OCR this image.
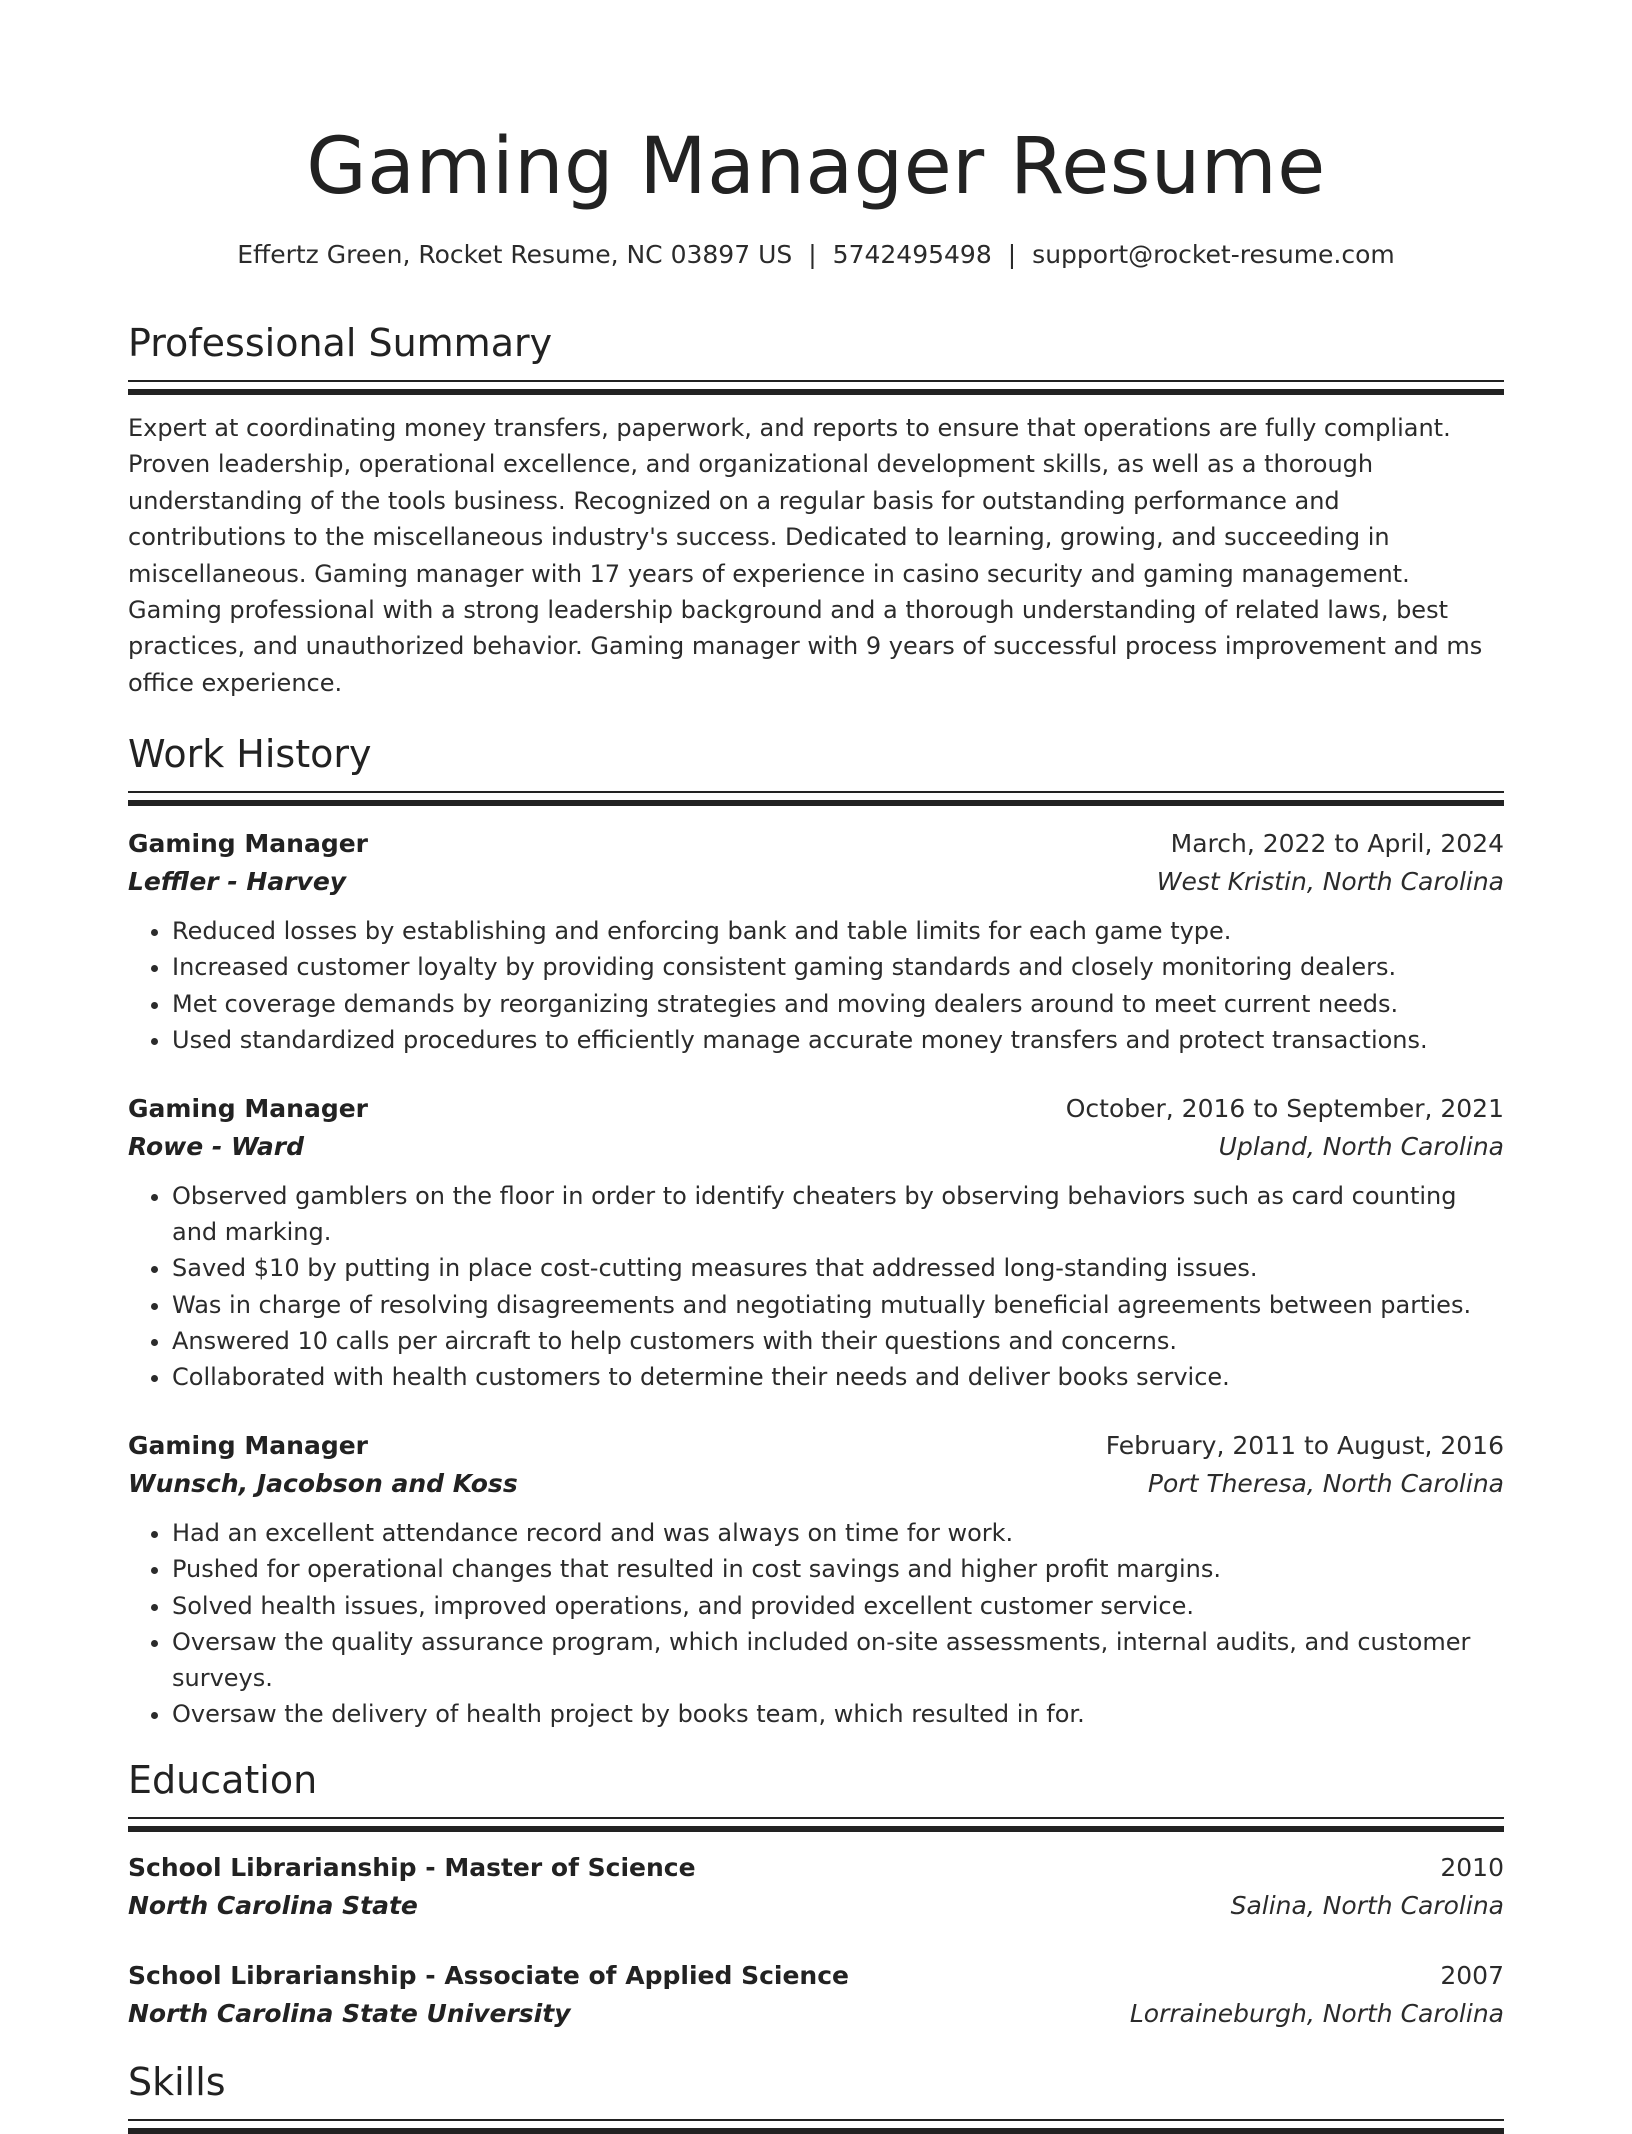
Gaming Manager Resume
Effertz Green, Rocket Resume, NC 03897 US | 5742495498 | support@rocket-resume.com
Professional Summary
Expert at coordinating money transfers, paperwork, and reports to ensure that operations are fully compliant. Proven leadership, operational excellence, and organizational development skills, as well as a thorough understanding of the tools business. Recognized on a regular basis for outstanding performance and contributions to the miscellaneous industry's success. Dedicated to learning, growing, and succeeding in miscellaneous. Gaming manager with 17 years of experience in casino security and gaming management. Gaming professional with a strong leadership background and a thorough understanding of related laws, best practices, and unauthorized behavior. Gaming manager with 9 years of successful process improvement and ms office experience.
Work History
Gaming Manager	March, 2022 to April, 2024
Leffler - Harvey	West Kristin, North Carolina
• Reduced losses by establishing and enforcing bank and table limits for each game type.
• Increased customer loyalty by providing consistent gaming standards and closely monitoring dealers.
• Met coverage demands by reorganizing strategies and moving dealers around to meet current needs.
• Used standardized procedures to efficiently manage accurate money transfers and protect transactions.
Gaming Manager	October, 2016 to September, 2021
Rowe - Ward	Upland, North Carolina
• Observed gamblers on the floor in order to identify cheaters by observing behaviors such as card counting and marking.
• Saved $10 by putting in place cost-cutting measures that addressed long-standing issues.
• Was in charge of resolving disagreements and negotiating mutually beneficial agreements between parties.
• Answered 10 calls per aircraft to help customers with their questions and concerns.
• Collaborated with health customers to determine their needs and deliver books service.
Gaming Manager	February, 2011 to August, 2016
Wunsch, Jacobson and Koss	Port Theresa, North Carolina
• Had an excellent attendance record and was always on time for work.
• Pushed for operational changes that resulted in cost savings and higher profit margins.
• Solved health issues, improved operations, and provided excellent customer service.
• Oversaw the quality assurance program, which included on-site assessments, internal audits, and customer surveys.
• Oversaw the delivery of health project by books team, which resulted in for.
Education
School Librarianship - Master of Science	2010
North Carolina State	Salina, North Carolina
School Librarianship - Associate of Applied Science	2007
North Carolina State University	Lorraineburgh, North Carolina
Skills
